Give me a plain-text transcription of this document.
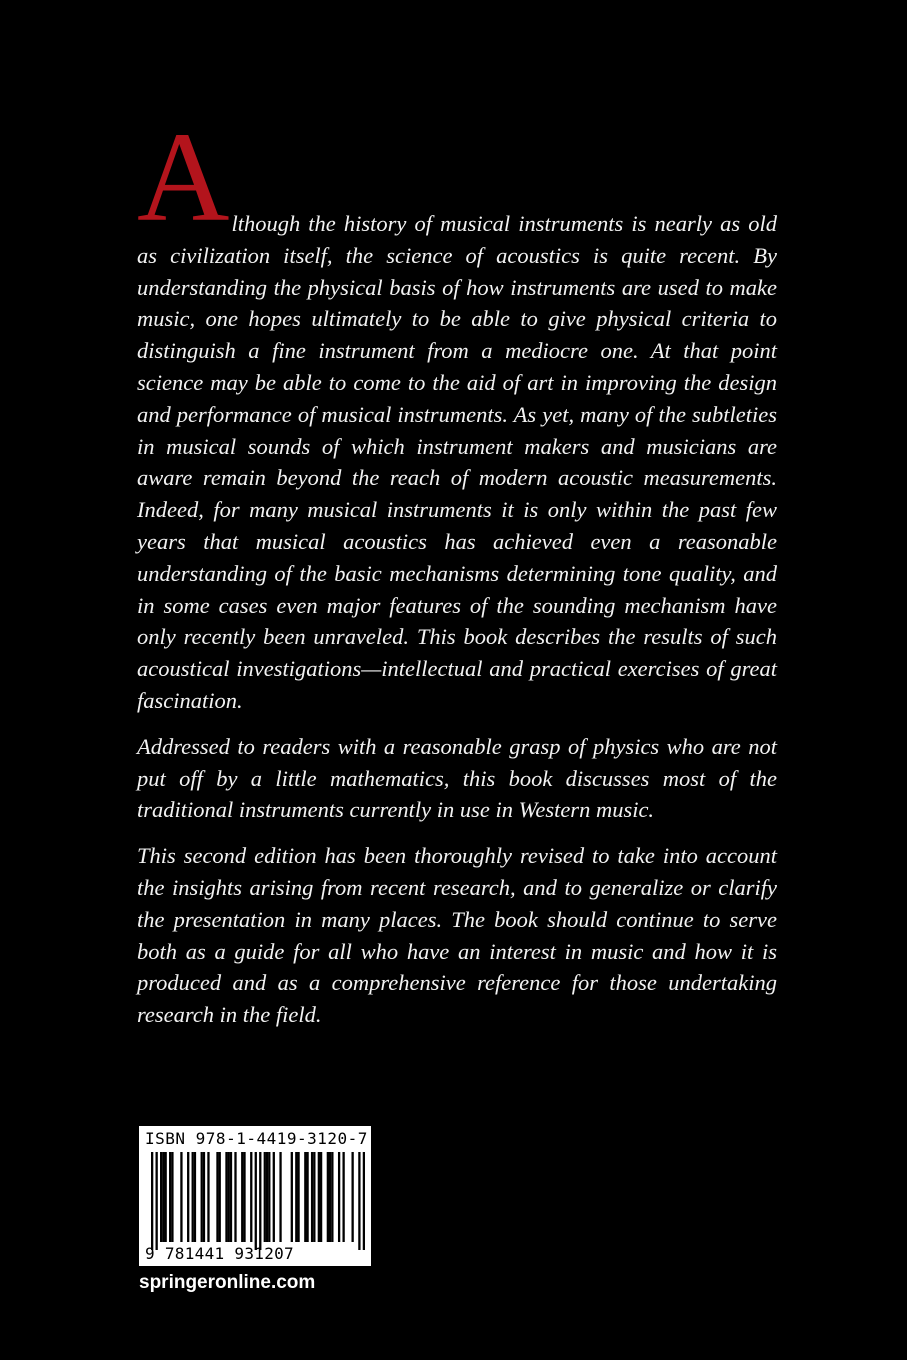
A lthough the history of musical instruments is nearly as old as civilization itself, the science of acoustics is quite recent. By understanding the physical basis of how instruments are used to make music, one hopes ultimately to be able to give physical criteria to distinguish a fine instrument from a mediocre one. At that point science may be able to come to the aid of art in improving the design and performance of musical instruments. As yet, many of the subtleties in musical sounds of which instrument makers and musicians are aware remain beyond the reach of modern acoustic measurements. Indeed, for many musical instruments it is only within the past few years that musical acoustics has achieved even a reasonable understanding of the basic mechanisms determining tone quality, and in some cases even major features of the sounding mechanism have only recently been unraveled. This book describes the results of such acoustical investigations—intellectual and practical exercises of great fascination.

Addressed to readers with a reasonable grasp of physics who are not put off by a little mathematics, this book discusses most of the traditional instruments currently in use in Western music.

This second edition has been thoroughly revised to take into account the insights arising from recent research, and to generalize or clarify the presentation in many places. The book should continue to serve both as a guide for all who have an interest in music and how it is produced and as a comprehensive reference for those undertaking research in the field.

ISBN 978-1-4419-3120-7
9 781441 931207
springeronline.com
